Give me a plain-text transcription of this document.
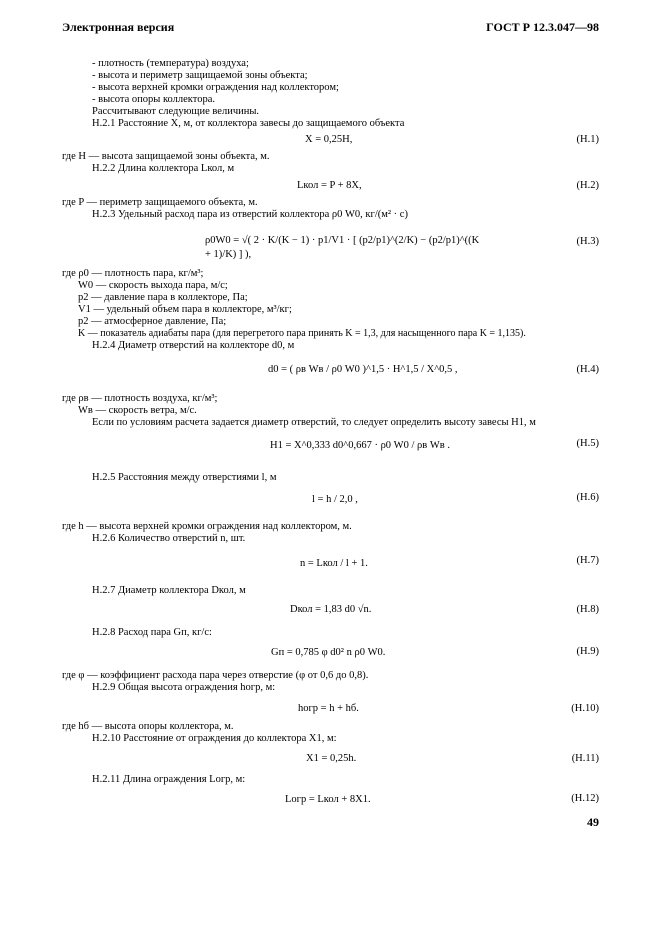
Электронная версия	ГОСТ Р 12.3.047—98
- плотность (температура) воздуха;
- высота и периметр защищаемой зоны объекта;
- высота верхней кромки ограждения над коллектором;
- высота опоры коллектора.
Рассчитывают следующие величины.
Н.2.1 Расстояние X, м, от коллектора завесы до защищаемого объекта
X = 0,25H,	(Н.1)
где H — высота защищаемой зоны объекта, м.
Н.2.2 Длина коллектора Lкол, м
Lкол = P + 8X,	(Н.2)
где P — периметр защищаемого объекта, м.
Н.2.3 Удельный расход пара из отверстий коллектора ρ0 W0, кг/(м² · с)
ρ0W0 = √( 2 · K/(K − 1) · p1/V1 · [ (p2/p1)^(2/K) − (p2/p1)^((K + 1)/K) ] ),
(Н.3)
где ρ0 — плотность пара, кг/м³;
W0 — скорость выхода пара, м/с;
p2 — давление пара в коллекторе, Па;
V1 — удельный объем пара в коллекторе, м³/кг;
p2 — атмосферное давление, Па;
K — показатель адиабаты пара (для перегретого пара принять K = 1,3, для насыщенного пара K = 1,135).
Н.2.4 Диаметр отверстий на коллекторе d0, м
d0 = ( ρв Wв / ρ0 W0 )^1,5 · H^1,5 / X^0,5 ,	(Н.4)
где ρв — плотность воздуха, кг/м³;
Wв — скорость ветра, м/с.
Если по условиям расчета задается диаметр отверстий, то следует определить высоту завесы H1, м
H1 = X^0,333 d0^0,667 · ρ0 W0 / ρв Wв .	(Н.5)
Н.2.5 Расстояния между отверстиями l, м
l = h / 2,0 ,	(Н.6)
где h — высота верхней кромки ограждения над коллектором, м.
Н.2.6 Количество отверстий n, шт.
n = Lкол / l + 1.	(Н.7)
Н.2.7 Диаметр коллектора Dкол, м
Dкол = 1,83 d0 √n.	(Н.8)
Н.2.8 Расход пара Gп, кг/с:
Gп = 0,785 φ d0² n ρ0 W0.	(Н.9)
где φ — коэффициент расхода пара через отверстие (φ от 0,6 до 0,8).
Н.2.9 Общая высота ограждения hогр, м:
hогр = h + hб.	(Н.10)
где hб — высота опоры коллектора, м.
Н.2.10 Расстояние от ограждения до коллектора X1, м:
X1 = 0,25h.	(Н.11)
Н.2.11 Длина ограждения Lогр, м:
Lогр = Lкол + 8X1.	(Н.12)
49
